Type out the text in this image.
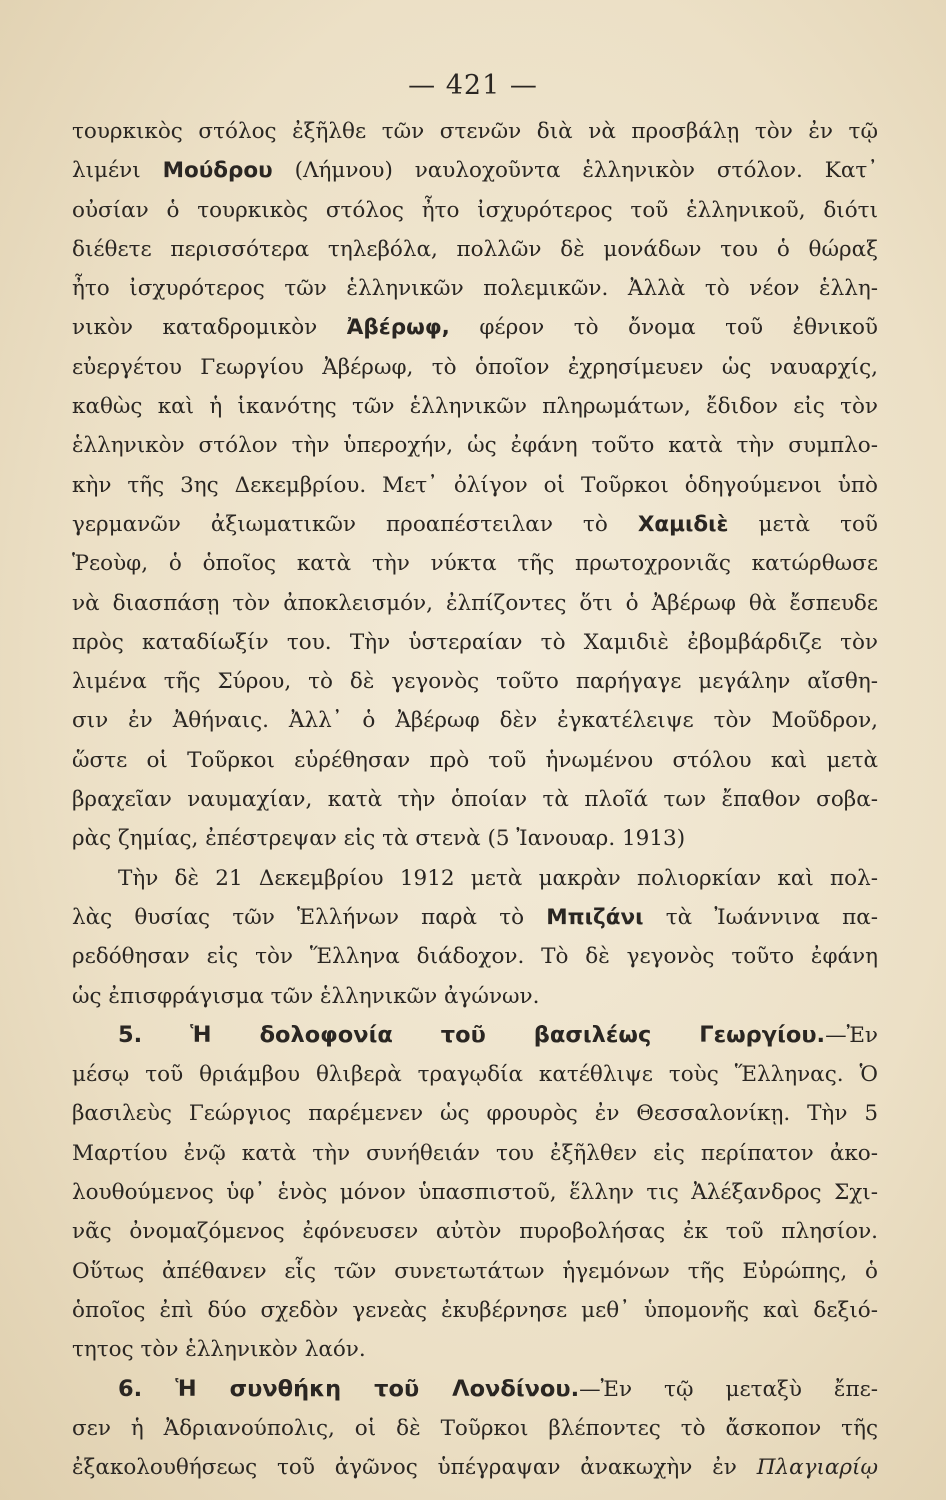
— 421 —
τουρκικὸς στόλος ἐξῆλθε τῶν στενῶν διὰ νὰ προσβάλῃ τὸν ἐν τῷ
λιμένι Μούδρου (Λήμνου) ναυλοχοῦντα ἑλληνικὸν στόλον. Κατ᾽
οὐσίαν ὁ τουρκικὸς στόλος ἦτο ἰσχυρότερος τοῦ ἑλληνικοῦ, διότι
διέθετε περισσότερα τηλεβόλα, πολλῶν δὲ μονάδων του ὁ θώραξ
ἦτο ἰσχυρότερος τῶν ἑλληνικῶν πολεμικῶν. Ἀλλὰ τὸ νέον ἑλλη-
νικὸν καταδρομικὸν Ἀβέρωφ, φέρον τὸ ὄνομα τοῦ ἐθνικοῦ
εὐεργέτου Γεωργίου Ἀβέρωφ, τὸ ὁποῖον ἐχρησίμευεν ὡς ναυαρχίς,
καθὼς καὶ ἡ ἱκανότης τῶν ἑλληνικῶν πληρωμάτων, ἔδιδον εἰς τὸν
ἑλληνικὸν στόλον τὴν ὑπεροχήν, ὡς ἐφάνη τοῦτο κατὰ τὴν συμπλο-
κὴν τῆς 3ης Δεκεμβρίου. Μετ᾽ ὀλίγον οἱ Τοῦρκοι ὁδηγούμενοι ὑπὸ
γερμανῶν ἀξιωματικῶν προαπέστειλαν τὸ Χαμιδιὲ μετὰ τοῦ
Ῥεοὺφ, ὁ ὁποῖος κατὰ τὴν νύκτα τῆς πρωτοχρονιᾶς κατώρθωσε
νὰ διασπάσῃ τὸν ἀποκλεισμόν, ἐλπίζοντες ὅτι ὁ Ἀβέρωφ θὰ ἔσπευδε
πρὸς καταδίωξίν του. Τὴν ὑστεραίαν τὸ Χαμιδιὲ ἐβομβάρδιζε τὸν
λιμένα τῆς Σύρου, τὸ δὲ γεγονὸς τοῦτο παρήγαγε μεγάλην αἴσθη-
σιν ἐν Ἀθήναις. Ἀλλ᾽ ὁ Ἀβέρωφ δὲν ἐγκατέλειψε τὸν Μοῦδρον,
ὥστε οἱ Τοῦρκοι εὑρέθησαν πρὸ τοῦ ἡνωμένου στόλου καὶ μετὰ
βραχεῖαν ναυμαχίαν, κατὰ τὴν ὁποίαν τὰ πλοῖά των ἔπαθον σοβα-
ρὰς ζημίας, ἐπέστρεψαν εἰς τὰ στενὰ (5 Ἰανουαρ. 1913)
Τὴν δὲ 21 Δεκεμβρίου 1912 μετὰ μακρὰν πολιορκίαν καὶ πολ-
λὰς θυσίας τῶν Ἑλλήνων παρὰ τὸ Μπιζάνι τὰ Ἰωάννινα πα-
ρεδόθησαν εἰς τὸν Ἕλληνα διάδοχον. Τὸ δὲ γεγονὸς τοῦτο ἐφάνη
ὡς ἐπισφράγισμα τῶν ἑλληνικῶν ἀγώνων.
5. Ἡ δολοφονία τοῦ βασιλέως Γεωργίου.—Ἐν
μέσῳ τοῦ θριάμβου θλιβερὰ τραγῳδία κατέθλιψε τοὺς Ἕλληνας. Ὁ
βασιλεὺς Γεώργιος παρέμενεν ὡς φρουρὸς ἐν Θεσσαλονίκῃ. Τὴν 5
Μαρτίου ἐνῷ κατὰ τὴν συνήθειάν του ἐξῆλθεν εἰς περίπατον ἀκο-
λουθούμενος ὑφ᾽ ἑνὸς μόνον ὑπασπιστοῦ, ἕλλην τις Ἀλέξανδρος Σχι-
νᾶς ὀνομαζόμενος ἐφόνευσεν αὐτὸν πυροβολήσας ἐκ τοῦ πλησίον.
Οὕτως ἀπέθανεν εἷς τῶν συνετωτάτων ἡγεμόνων τῆς Εὐρώπης, ὁ
ὁποῖος ἐπὶ δύο σχεδὸν γενεὰς ἐκυβέρνησε μεθ᾽ ὑπομονῆς καὶ δεξιό-
τητος τὸν ἑλληνικὸν λαόν.
6. Ἡ συνθήκη τοῦ Λονδίνου.—Ἐν τῷ μεταξὺ ἔπε-
σεν ἡ Ἀδριανούπολις, οἱ δὲ Τοῦρκοι βλέποντες τὸ ἄσκοπον τῆς
ἐξακολουθήσεως τοῦ ἀγῶνος ὑπέγραψαν ἀνακωχὴν ἐν Πλαγιαρίῳ
